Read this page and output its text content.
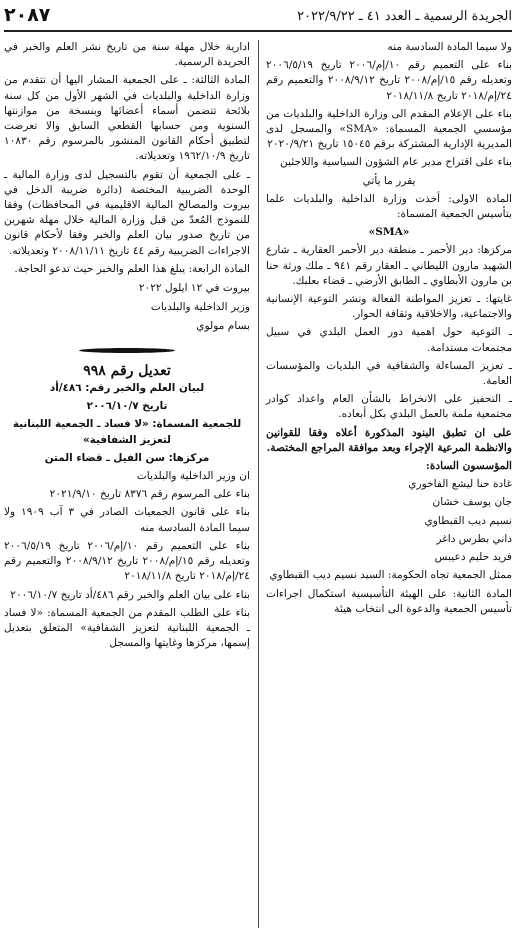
الجريدة الرسمية ـ العدد ٤١ ـ ٢٠٢٢/٩/٢٢
٢٠٨٧

ولا سيما المادة السادسة منه

بناء على التعميم رقم ١٠/إم/٢٠٠٦ تاريخ ٢٠٠٦/٥/١٩ وتعديله رقم ١٥/إم/٢٠٠٨ تاريخ ٢٠٠٨/٩/١٢ والتعميم رقم ٢٤/إم/٢٠١٨ تاريخ ٢٠١٨/١١/٨

بناء على الإعلام المقدم الى وزارة الداخلية والبلديات من مؤسسي الجمعية المسماة: «SMA» والمسجل لدى المديرية الإدارية المشتركة برقم ١٥٠٤٥ تاريخ ٢٠٢٠/٩/٢١

بناء على اقتراح مدير عام الشؤون السياسية واللاجئين

يقرر ما يأتي

المادة الاولى: أخذت وزارة الداخلية والبلديات علما بتأسيس الجمعية المسماة:

«SMA»

مركزها: دير الأحمر ـ منطقة دير الأحمر العقارية ـ شارع الشهيد مارون الليطاني ـ العقار رقم ٩٤١ ـ ملك ورثة حنا بن مارون الأبطاوي ـ الطابق الأرضي ـ قضاء بعلبك.

غايتها: ـ تعزيز المواطنة الفعالة ونشر التوعية الإنسانية والاجتماعية، والاخلاقية وثقافة الحوار.

ـ التوعية حول اهمية دور العمل البلدي في سبيل مجتمعات مستدامة.

ـ تعزيز المساءلة والشفافية في البلديات والمؤسسات العامة.

ـ التحفيز على الانخراط بالشأن العام واعداد كوادر مجتمعية ملمة بالعمل البلدي بكل أبعاده.

على ان تطبق البنود المذكورة أعلاه وفقا للقوانين والانظمة المرعية الإجراء وبعد موافقة المراجع المختصة.

المؤسسون السادة:

غادة حنا ليشع الفاخوري

جان يوسف خشان

نسيم ديب القبطاوي

داني بطرس داغر

فريد حليم دعيبس

ممثل الجمعية تجاه الحكومة: السيد نسيم ديب القبطاوي

المادة الثانية: على الهيئة التأسيسية استكمال اجراءات تأسيس الجمعية والدعوة الى انتخاب هيئة

ادارية خلال مهلة سنة من تاريخ نشر العلم والخبر في الجريدة الرسمية.

المادة الثالثة: ـ على الجمعية المشار اليها أن تتقدم من وزارة الداخلية والبلديات في الشهر الأول من كل سنة بلائحة تتضمن أسماء أعضائها وبنسخة من موازنتها السنوية ومن حسابها القطعي السابق والا تعرضت لتطبيق أحكام القانون المنشور بالمرسوم رقم ١٠٨٣٠ تاريخ ١٩٦٢/١٠/٩ وتعديلاته.

ـ على الجمعية أن تقوم بالتسجيل لدى وزارة المالية ـ الوحدة الضريبية المختصة (دائرة ضريبة الدخل في بيروت والمصالح المالية الاقليمية في المحافظات) وفقا للنموذج المُعدّ من قبل وزارة المالية خلال مهلة شهرين من تاريخ صدور بيان العلم والخبر وفقا لأحكام قانون الاجراءات الضريبية رقم ٤٤ تاريخ ٢٠٠٨/١١/١١ وتعديلاته.

المادة الرابعة: يبلغ هذا العلم والخبر حيث تدعو الحاجة.

بيروت في ١٢ ايلول ٢٠٢٢

وزير الداخلية والبلديات

بسام مولوي

تعديل رقم ٩٩٨

لبيان العلم والخبر رقم: ٤٨٦/أد

تاريخ ٢٠٠٦/١٠/٧

للجمعية المسماة: «لا فساد ـ الجمعية اللبنانية لتعزيز الشفافية»

مركزها: سن الفيل ـ قضاء المتن

ان وزير الداخلية والبلديات

بناء على المرسوم رقم ٨٣٧٦ تاريخ ٢٠٢١/٩/١٠

بناء على قانون الجمعيات الصادر في ٣ آب ١٩٠٩ ولا سيما المادة السادسة منه

بناء على التعميم رقم ١٠/إم/٢٠٠٦ تاريخ ٢٠٠٦/٥/١٩ وتعديله رقم ١٥/إم/٢٠٠٨ تاريخ ٢٠٠٨/٩/١٢ والتعميم رقم ٢٤/إم/٢٠١٨ تاريخ ٢٠١٨/١١/٨

بناء على بيان العلم والخبر رقم ٤٨٦/أد تاريخ ٢٠٠٦/١٠/٧

بناء على الطلب المقدم من الجمعية المسماة: «لا فساد ـ الجمعية اللبنانية لتعزيز الشفافية» المتعلق بتعديل إسمها، مركزها وغايتها والمسجل
